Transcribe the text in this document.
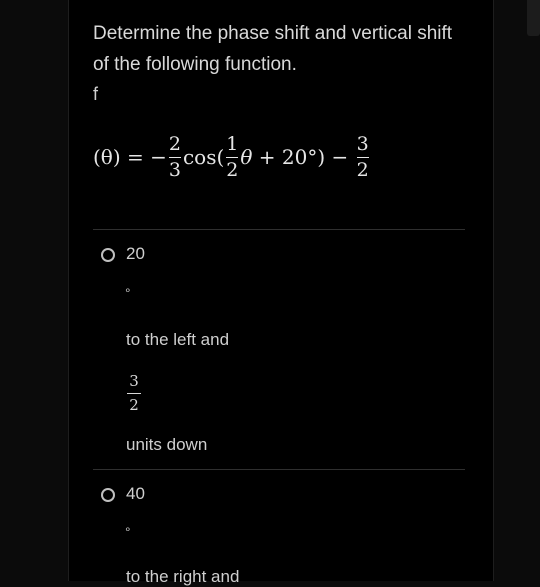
Determine the phase shift and vertical shift of the following function.
f
(θ) = − $\frac{2}{3} \cos( \frac{1}{2}$ $\theta + 20^\circ) - \frac{3}{2}$
20
∘
to the left and
$\frac{3}{2}$
units down
40
∘
to the right and
